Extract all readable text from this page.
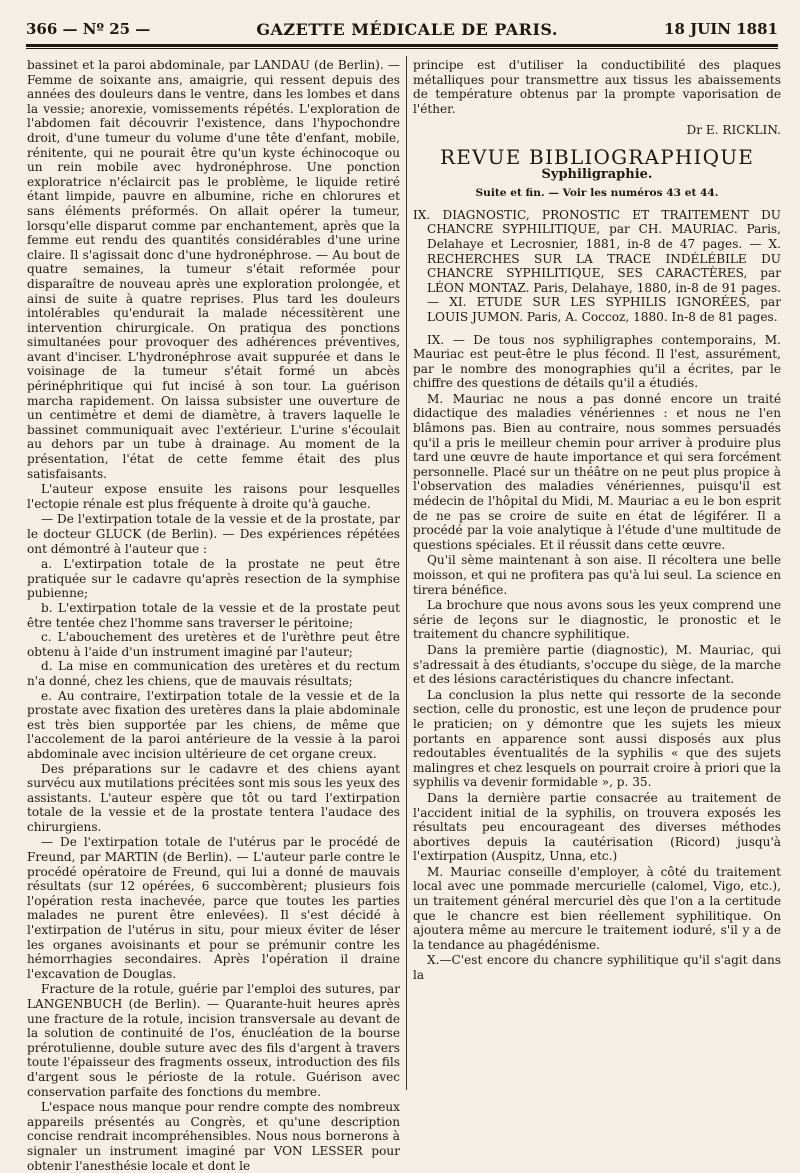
366 — Nº 25 —	GAZETTE MÉDICALE DE PARIS.	18 JUIN 1881

bassinet et la paroi abdominale, par LANDAU (de Berlin). — Femme de soixante ans, amaigrie, qui ressent depuis des années des douleurs dans le ventre, dans les lombes et dans la vessie; anorexie, vomissements répétés. L'exploration de l'abdomen fait découvrir l'existence, dans l'hypochondre droit, d'une tumeur du volume d'une tête d'enfant, mobile, rénitente, qui ne pourait être qu'un kyste échinocoque ou un rein mobile avec hydronéphrose. Une ponction exploratrice n'éclaircit pas le problème, le liquide retiré étant limpide, pauvre en albumine, riche en chlorures et sans éléments préformés. On allait opérer la tumeur, lorsqu'elle disparut comme par enchantement, après que la femme eut rendu des quantités considérables d'une urine claire. Il s'agissait donc d'une hydronéphrose. — Au bout de quatre semaines, la tumeur s'était reformée pour disparaître de nouveau après une exploration prolongée, et ainsi de suite à quatre reprises. Plus tard les douleurs intolérables qu'endurait la malade nécessitèrent une intervention chirurgicale. On pratiqua des ponctions simultanées pour provoquer des adhérences préventives, avant d'inciser. L'hydronéphrose avait suppurée et dans le voisinage de la tumeur s'était formé un abcès périnéphritique qui fut incisé à son tour. La guérison marcha rapidement. On laissa subsister une ouverture de un centimètre et demi de diamètre, à travers laquelle le bassinet communiquait avec l'extérieur. L'urine s'écoulait au dehors par un tube à drainage. Au moment de la présentation, l'état de cette femme était des plus satisfaisants.

L'auteur expose ensuite les raisons pour lesquelles l'ectopie rénale est plus fréquente à droite qu'à gauche.

— De l'extirpation totale de la vessie et de la prostate, par le docteur GLUCK (de Berlin). — Des expériences répétées ont démontré à l'auteur que :

a. L'extirpation totale de la prostate ne peut être pratiquée sur le cadavre qu'après resection de la symphise pubienne;

b. L'extirpation totale de la vessie et de la prostate peut être tentée chez l'homme sans traverser le péritoine;

c. L'abouchement des uretères et de l'urèthre peut être obtenu à l'aide d'un instrument imaginé par l'auteur;

d. La mise en communication des uretères et du rectum n'a donné, chez les chiens, que de mauvais résultats;

e. Au contraire, l'extirpation totale de la vessie et de la prostate avec fixation des uretères dans la plaie abdominale est très bien supportée par les chiens, de même que l'accolement de la paroi antérieure de la vessie à la paroi abdominale avec incision ultérieure de cet organe creux.

Des préparations sur le cadavre et des chiens ayant survécu aux mutilations précitées sont mis sous les yeux des assistants. L'auteur espère que tôt ou tard l'extirpation totale de la vessie et de la prostate tentera l'audace des chirurgiens.

— De l'extirpation totale de l'utérus par le procédé de Freund, par MARTIN (de Berlin). — L'auteur parle contre le procédé opératoire de Freund, qui lui a donné de mauvais résultats (sur 12 opérées, 6 succombèrent; plusieurs fois l'opération resta inachevée, parce que toutes les parties malades ne purent être enlevées). Il s'est décidé à l'extirpation de l'utérus in situ, pour mieux éviter de léser les organes avoisinants et pour se prémunir contre les hémorrhagies secondaires. Après l'opération il draine l'excavation de Douglas.

Fracture de la rotule, guérie par l'emploi des sutures, par LANGENBUCH (de Berlin). — Quarante-huit heures après une fracture de la rotule, incision transversale au devant de la solution de continuité de l'os, énucléation de la bourse prérotulienne, double suture avec des fils d'argent à travers toute l'épaisseur des fragments osseux, introduction des fils d'argent sous le périoste de la rotule. Guérison avec conservation parfaite des fonctions du membre.

L'espace nous manque pour rendre compte des nombreux appareils présentés au Congrès, et qu'une description concise rendrait incompréhensibles. Nous nous bornerons à signaler un instrument imaginé par VON LESSER pour obtenir l'anesthésie locale et dont le

principe est d'utiliser la conductibilité des plaques métalliques pour transmettre aux tissus les abaissements de température obtenus par la prompte vaporisation de l'éther.

Dr E. RICKLIN.
REVUE BIBLIOGRAPHIQUE
Syphiligraphie.
Suite et fin. — Voir les numéros 43 et 44.

IX. DIAGNOSTIC, PRONOSTIC ET TRAITEMENT DU CHANCRE SYPHILITIQUE, par CH. MAURIAC. Paris, Delahaye et Lecrosnier, 1881, in-8 de 47 pages. — X. RECHERCHES SUR LA TRACE INDÉLÉBILE DU CHANCRE SYPHILITIQUE, SES CARACTÈRES, par LÉON MONTAZ. Paris, Delahaye, 1880, in-8 de 91 pages. — XI. ETUDE SUR LES SYPHILIS IGNORÉES, par LOUIS JUMON. Paris, A. Coccoz, 1880. In-8 de 81 pages.

IX. — De tous nos syphiligraphes contemporains, M. Mauriac est peut-être le plus fécond. Il l'est, assurément, par le nombre des monographies qu'il a écrites, par le chiffre des questions de détails qu'il a étudiés.

M. Mauriac ne nous a pas donné encore un traité didactique des maladies vénériennes : et nous ne l'en blâmons pas. Bien au contraire, nous sommes persuadés qu'il a pris le meilleur chemin pour arriver à produire plus tard une œuvre de haute importance et qui sera forcément personnelle. Placé sur un théâtre on ne peut plus propice à l'observation des maladies vénériennes, puisqu'il est médecin de l'hôpital du Midi, M. Mauriac a eu le bon esprit de ne pas se croire de suite en état de légiférer. Il a procédé par la voie analytique à l'étude d'une multitude de questions spéciales. Et il réussit dans cette œuvre.

Qu'il sème maintenant à son aise. Il récoltera une belle moisson, et qui ne profitera pas qu'à lui seul. La science en tirera bénéfice.

La brochure que nous avons sous les yeux comprend une série de leçons sur le diagnostic, le pronostic et le traitement du chancre syphilitique.

Dans la première partie (diagnostic), M. Mauriac, qui s'adressait à des étudiants, s'occupe du siège, de la marche et des lésions caractéristiques du chancre infectant.

La conclusion la plus nette qui ressorte de la seconde section, celle du pronostic, est une leçon de prudence pour le praticien; on y démontre que les sujets les mieux portants en apparence sont aussi disposés aux plus redoutables éventualités de la syphilis « que des sujets malingres et chez lesquels on pourrait croire à priori que la syphilis va devenir formidable », p. 35.

Dans la dernière partie consacrée au traitement de l'accident initial de la syphilis, on trouvera exposés les résultats peu encourageant des diverses méthodes abortives depuis la cautérisation (Ricord) jusqu'à l'extirpation (Auspitz, Unna, etc.)

M. Mauriac conseille d'employer, à côté du traitement local avec une pommade mercurielle (calomel, Vigo, etc.), un traitement général mercuriel dès que l'on a la certitude que le chancre est bien réellement syphilitique. On ajoutera même au mercure le traitement ioduré, s'il y a de la tendance au phagédénisme.

X.—C'est encore du chancre syphilitique qu'il s'agit dans la
